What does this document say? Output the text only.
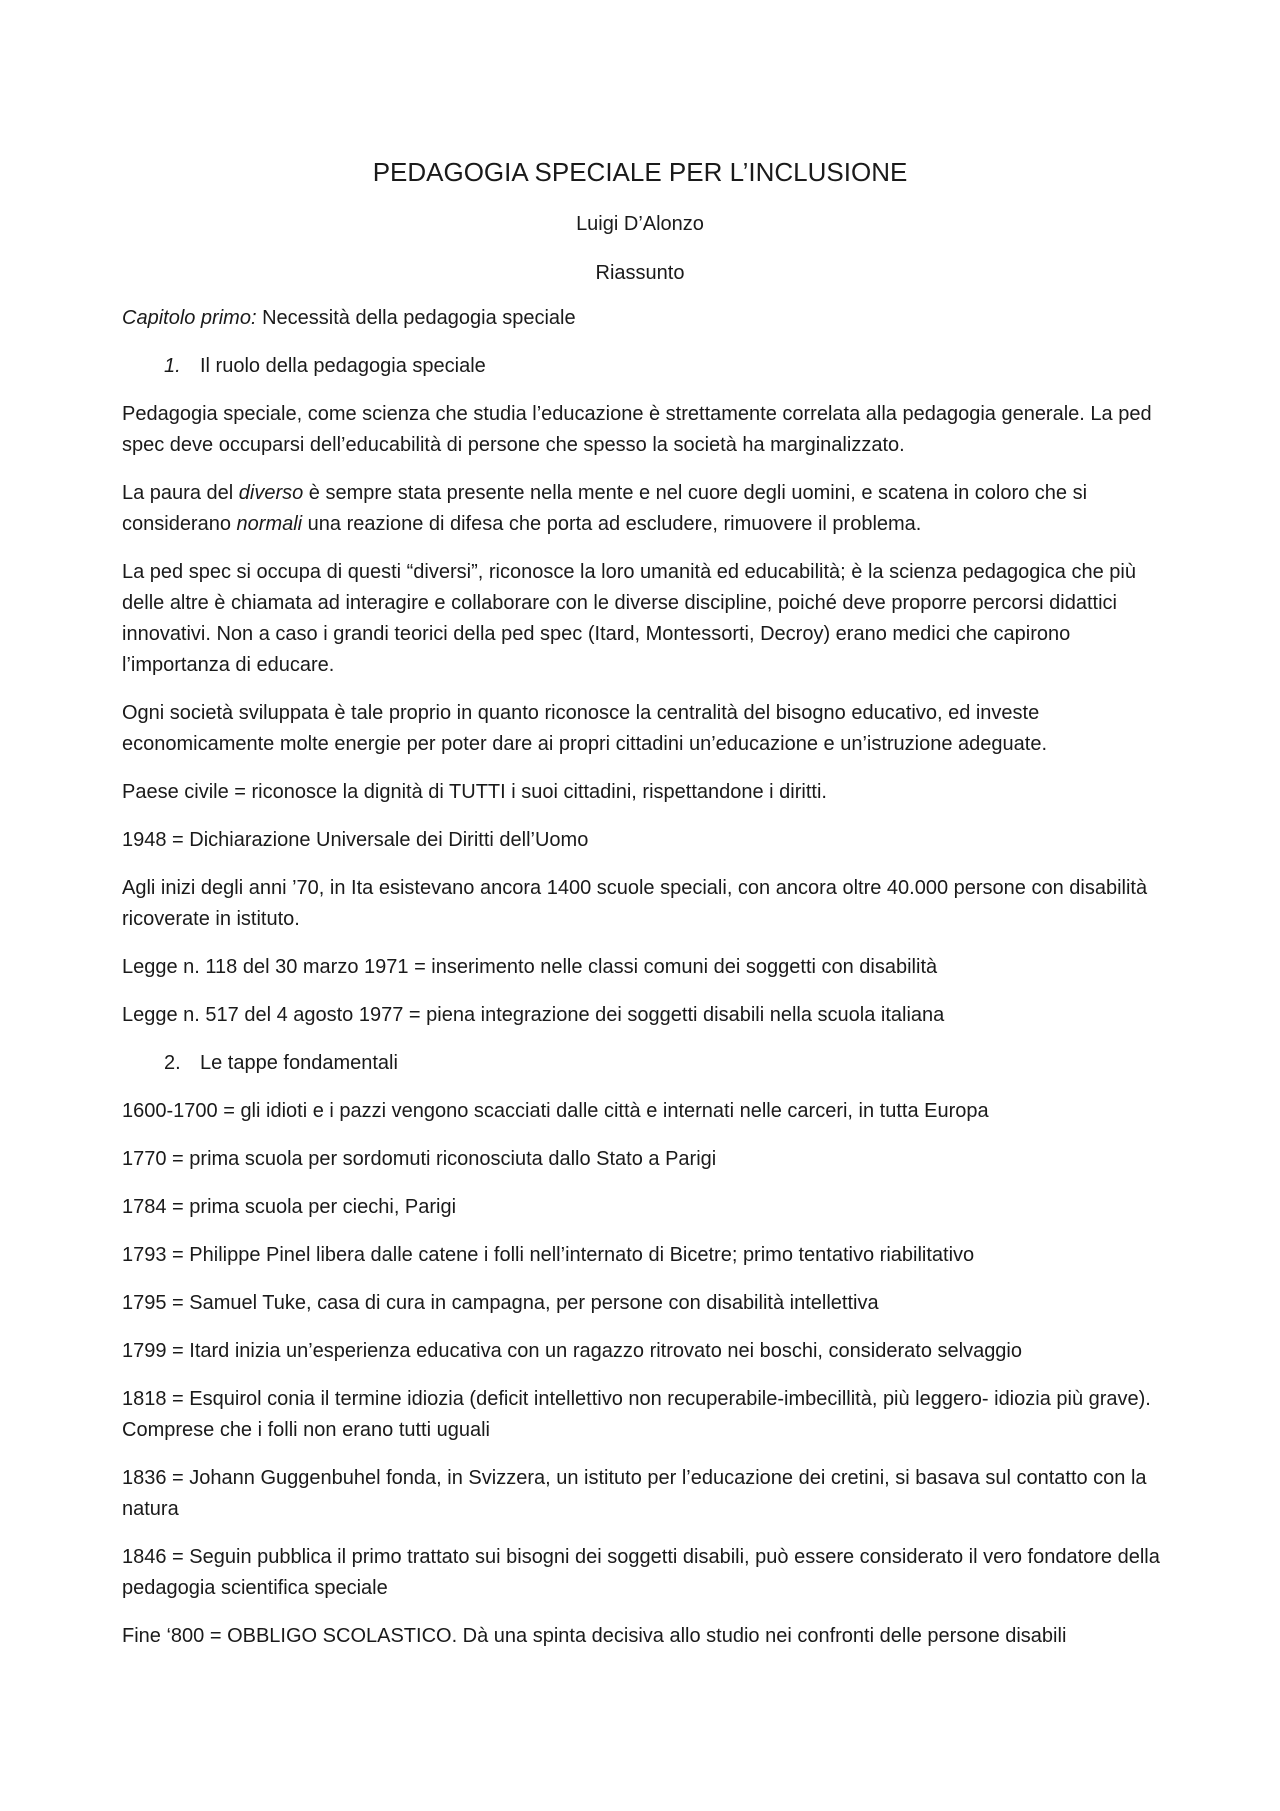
PEDAGOGIA SPECIALE PER L’INCLUSIONE
Luigi D’Alonzo
Riassunto

Capitolo primo: Necessità della pedagogia speciale

1. Il ruolo della pedagogia speciale

Pedagogia speciale, come scienza che studia l’educazione è strettamente correlata alla pedagogia generale. La ped spec deve occuparsi dell’educabilità di persone che spesso la società ha marginalizzato.

La paura del diverso è sempre stata presente nella mente e nel cuore degli uomini, e scatena in coloro che si considerano normali una reazione di difesa che porta ad escludere, rimuovere il problema.

La ped spec si occupa di questi “diversi”, riconosce la loro umanità ed educabilità; è la scienza pedagogica che più delle altre è chiamata ad interagire e collaborare con le diverse discipline, poiché deve proporre percorsi didattici innovativi. Non a caso i grandi teorici della ped spec (Itard, Montessorti, Decroy) erano medici che capirono l’importanza di educare.

Ogni società sviluppata è tale proprio in quanto riconosce la centralità del bisogno educativo, ed investe economicamente molte energie per poter dare ai propri cittadini un’educazione e un’istruzione adeguate.

Paese civile = riconosce la dignità di TUTTI i suoi cittadini, rispettandone i diritti.

1948 = Dichiarazione Universale dei Diritti dell’Uomo

Agli inizi degli anni ’70, in Ita esistevano ancora 1400 scuole speciali, con ancora oltre 40.000 persone con disabilità ricoverate in istituto.

Legge n. 118 del 30 marzo 1971 = inserimento nelle classi comuni dei soggetti con disabilità

Legge n. 517 del 4 agosto 1977 = piena integrazione dei soggetti disabili nella scuola italiana

2. Le tappe fondamentali

1600-1700 = gli idioti e i pazzi vengono scacciati dalle città e internati nelle carceri, in tutta Europa

1770 = prima scuola per sordomuti riconosciuta dallo Stato a Parigi

1784 = prima scuola per ciechi, Parigi

1793 = Philippe Pinel libera dalle catene i folli nell’internato di Bicetre; primo tentativo riabilitativo

1795 = Samuel Tuke, casa di cura in campagna, per persone con disabilità intellettiva

1799 = Itard inizia un’esperienza educativa con un ragazzo ritrovato nei boschi, considerato selvaggio

1818 = Esquirol conia il termine idiozia (deficit intellettivo non recuperabile-imbecillità, più leggero- idiozia più grave). Comprese che i folli non erano tutti uguali

1836 = Johann Guggenbuhel fonda, in Svizzera, un istituto per l’educazione dei cretini, si basava sul contatto con la natura

1846 = Seguin pubblica il primo trattato sui bisogni dei soggetti disabili, può essere considerato il vero fondatore della pedagogia scientifica speciale

Fine ‘800 = OBBLIGO SCOLASTICO. Dà una spinta decisiva allo studio nei confronti delle persone disabili
